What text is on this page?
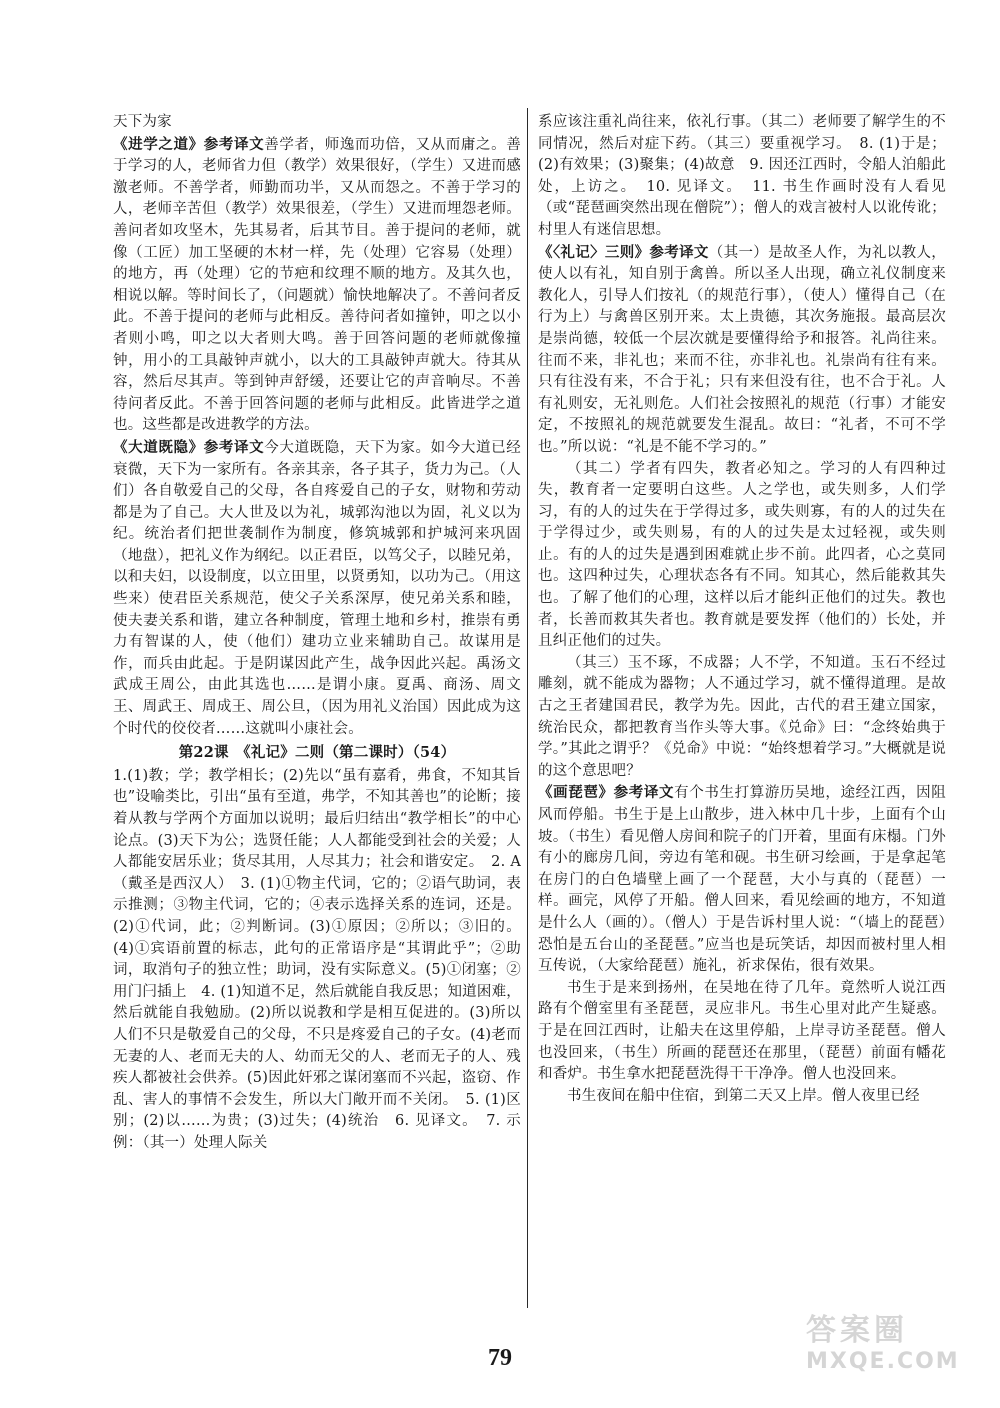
天下为家

《进学之道》参考译文善学者，师逸而功倍，又从而庸之。善于学习的人，老师省力但（教学）效果很好，（学生）又进而感激老师。不善学者，师勤而功半，又从而怨之。不善于学习的人，老师辛苦但（教学）效果很差，（学生）又进而埋怨老师。善问者如攻坚木，先其易者，后其节目。善于提问的老师，就像（工匠）加工坚硬的木材一样，先（处理）它容易（处理）的地方，再（处理）它的节疤和纹理不顺的地方。及其久也，相说以解。等时间长了，（问题就）愉快地解决了。不善问者反此。不善于提问的老师与此相反。善待问者如撞钟，叩之以小者则小鸣，叩之以大者则大鸣。善于回答问题的老师就像撞钟，用小的工具敲钟声就小，以大的工具敲钟声就大。待其从容，然后尽其声。等到钟声舒缓，还要让它的声音响尽。不善待问者反此。不善于回答问题的老师与此相反。此皆进学之道也。这些都是改进教学的方法。

《大道既隐》参考译文今大道既隐，天下为家。如今大道已经衰微，天下为一家所有。各亲其亲，各子其子，货力为己。（人们）各自敬爱自己的父母，各自疼爱自己的子女，财物和劳动都是为了自己。大人世及以为礼，城郭沟池以为固，礼义以为纪。统治者们把世袭制作为制度，修筑城郭和护城河来巩固（地盘），把礼义作为纲纪。以正君臣，以笃父子，以睦兄弟，以和夫妇，以设制度，以立田里，以贤勇知，以功为己。（用这些来）使君臣关系规范，使父子关系深厚，使兄弟关系和睦，使夫妻关系和谐，建立各种制度，管理土地和乡村，推崇有勇力有智谋的人，使（他们）建功立业来辅助自己。故谋用是作，而兵由此起。于是阴谋因此产生，战争因此兴起。禹汤文武成王周公，由此其选也……是谓小康。夏禹、商汤、周文王、周武王、周成王、周公旦，（因为用礼义治国）因此成为这个时代的佼佼者……这就叫小康社会。

第22课　《礼记》二则（第二课时）（54）

1.(1)教；学；教学相长；(2)先以“虽有嘉肴，弗食，不知其旨也”设喻类比，引出“虽有至道，弗学，不知其善也”的论断；接着从教与学两个方面加以说明；最后归结出“教学相长”的中心论点。(3)天下为公；选贤任能；人人都能受到社会的关爱；人人都能安居乐业；货尽其用，人尽其力；社会和谐安定。　2. A（戴圣是西汉人）　3. (1)①物主代词，它的；②语气助词，表示推测；③物主代词，它的；④表示选择关系的连词，还是。(2)①代词，此；②判断词。(3)①原因；②所以；③旧的。(4)①宾语前置的标志，此句的正常语序是“其谓此乎”；②助词，取消句子的独立性；助词，没有实际意义。(5)①闭塞；②用门闩插上　4. (1)知道不足，然后就能自我反思；知道困难，然后就能自我勉励。(2)所以说教和学是相互促进的。(3)所以人们不只是敬爱自己的父母，不只是疼爱自己的子女。(4)老而无妻的人、老而无夫的人、幼而无父的人、老而无子的人、残疾人都被社会供养。(5)因此奸邪之谋闭塞而不兴起，盗窃、作乱、害人的事情不会发生，所以大门敞开而不关闭。　5. (1)区别；(2)以……为贵；(3)过失；(4)统治　6. 见译文。　7. 示例：（其一）处理人际关

系应该注重礼尚往来，依礼行事。（其二）老师要了解学生的不同情况，然后对症下药。（其三）要重视学习。　8. (1)于是；(2)有效果；(3)聚集；(4)故意　9. 因还江西时，令船人泊船此处，上访之。　10. 见译文。　11. 书生作画时没有人看见（或“琵琶画突然出现在僧院”）；僧人的戏言被村人以讹传讹；村里人有迷信思想。

《〈礼记〉三则》参考译文（其一）是故圣人作，为礼以教人，使人以有礼，知自别于禽兽。所以圣人出现，确立礼仪制度来教化人，引导人们按礼（的规范行事），（使人）懂得自己（在行为上）与禽兽区别开来。太上贵德，其次务施报。最高层次是崇尚德，较低一个层次就是要懂得给予和报答。礼尚往来。往而不来，非礼也；来而不往，亦非礼也。礼崇尚有往有来。只有往没有来，不合于礼；只有来但没有往，也不合于礼。人有礼则安，无礼则危。人们社会按照礼的规范（行事）才能安定，不按照礼的规范就要发生混乱。故曰：“礼者，不可不学也。”所以说：“礼是不能不学习的。”

（其二）学者有四失，教者必知之。学习的人有四种过失，教育者一定要明白这些。人之学也，或失则多，人们学习，有的人的过失在于学得过多，或失则寡，有的人的过失在于学得过少，或失则易，有的人的过失是太过轻视，或失则止。有的人的过失是遇到困难就止步不前。此四者，心之莫同也。这四种过失，心理状态各有不同。知其心，然后能救其失也。了解了他们的心理，这样以后才能纠正他们的过失。教也者，长善而救其失者也。教育就是要发挥（他们的）长处，并且纠正他们的过失。

（其三）玉不琢，不成器；人不学，不知道。玉石不经过雕刻，就不能成为器物；人不通过学习，就不懂得道理。是故古之王者建国君民，教学为先。因此，古代的君王建立国家，统治民众，都把教育当作头等大事。《兑命》曰：“念终始典于学。”其此之谓乎？《兑命》中说：“始终想着学习。”大概就是说的这个意思吧？

《画琵琶》参考译文有个书生打算游历吴地，途经江西，因阻风而停船。书生于是上山散步，进入林中几十步，上面有个山坡。（书生）看见僧人房间和院子的门开着，里面有床榻。门外有小的廊房几间，旁边有笔和砚。书生研习绘画，于是拿起笔在房门的白色墙壁上画了一个琵琶，大小与真的（琵琶）一样。画完，风停了开船。僧人回来，看见绘画的地方，不知道是什么人（画的）。（僧人）于是告诉村里人说：“（墙上的琵琶）恐怕是五台山的圣琵琶。”应当也是玩笑话，却因而被村里人相互传说，（大家给琵琶）施礼，祈求保佑，很有效果。

书生于是来到扬州，在吴地在待了几年。竟然听人说江西路有个僧室里有圣琵琶，灵应非凡。书生心里对此产生疑惑。于是在回江西时，让船夫在这里停船，上岸寻访圣琵琶。僧人也没回来，（书生）所画的琵琶还在那里，（琵琶）前面有幡花和香炉。书生拿水把琵琶洗得干干净净。僧人也没回来。

书生夜间在船中住宿，到第二天又上岸。僧人夜里已经

79
答案圈
MXQE.COM
